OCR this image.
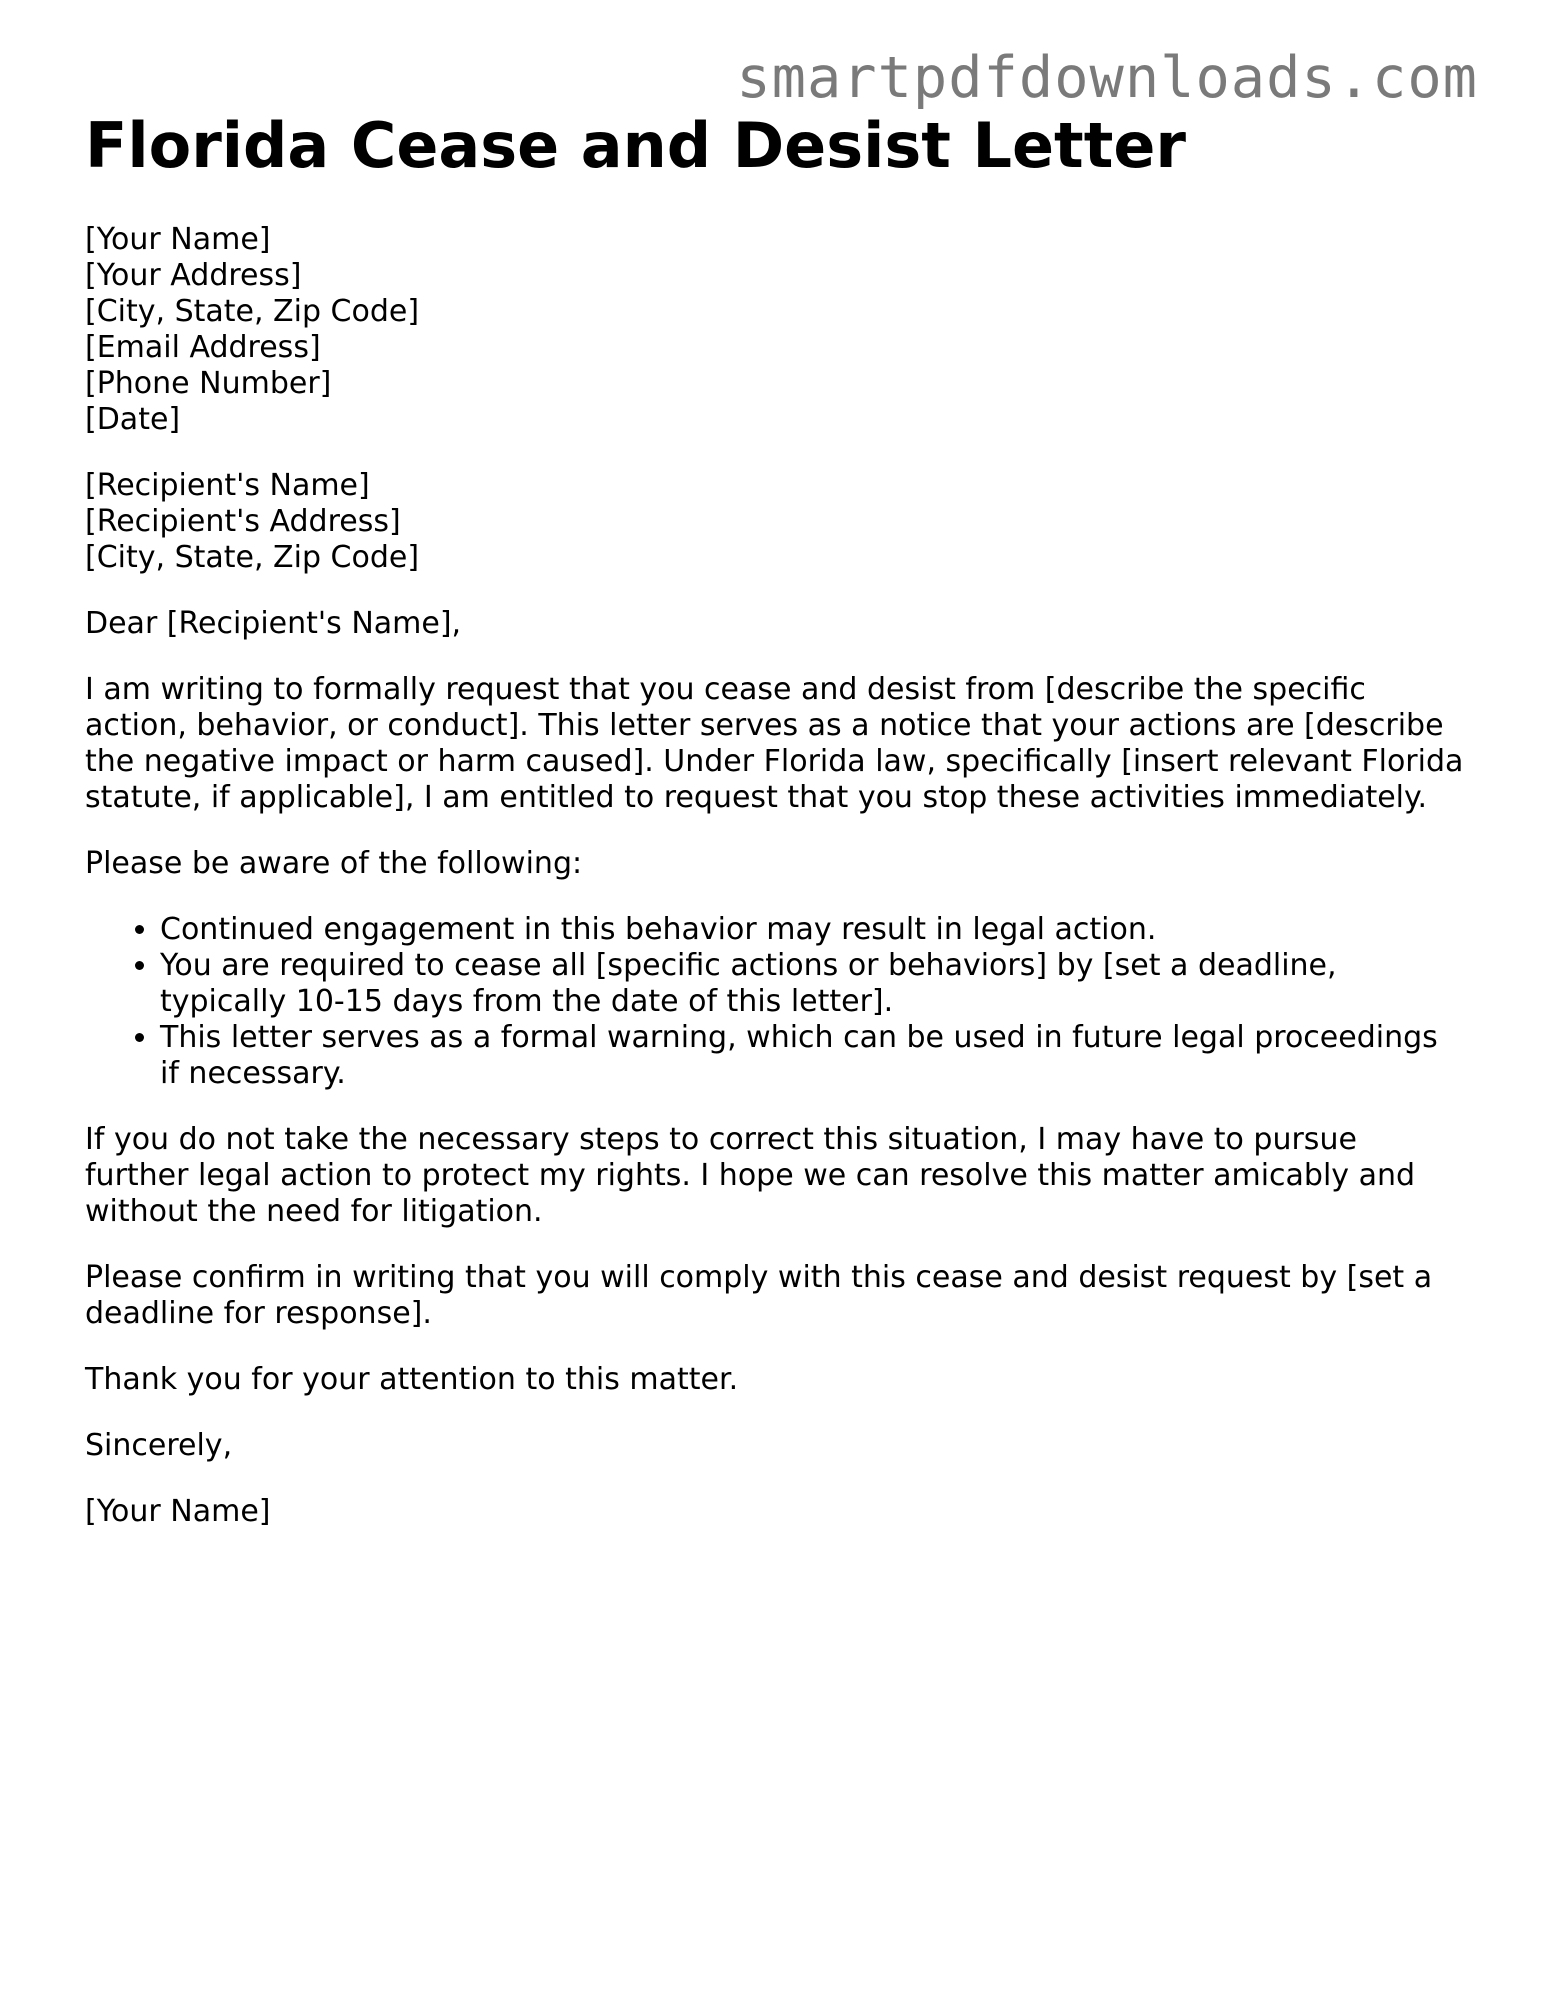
smartpdfdownloads.com
Florida Cease and Desist Letter
[Your Name]
[Your Address]
[City, State, Zip Code]
[Email Address]
[Phone Number]
[Date]
[Recipient's Name]
[Recipient's Address]
[City, State, Zip Code]

Dear [Recipient's Name],

I am writing to formally request that you cease and desist from [describe the specific action, behavior, or conduct]. This letter serves as a notice that your actions are [describe the negative impact or harm caused]. Under Florida law, specifically [insert relevant Florida statute, if applicable], I am entitled to request that you stop these activities immediately.

Please be aware of the following:

• Continued engagement in this behavior may result in legal action.
• You are required to cease all [specific actions or behaviors] by [set a deadline, typically 10-15 days from the date of this letter].
• This letter serves as a formal warning, which can be used in future legal proceedings if necessary.

If you do not take the necessary steps to correct this situation, I may have to pursue further legal action to protect my rights. I hope we can resolve this matter amicably and without the need for litigation.

Please confirm in writing that you will comply with this cease and desist request by [set a deadline for response].

Thank you for your attention to this matter.

Sincerely,

[Your Name]
